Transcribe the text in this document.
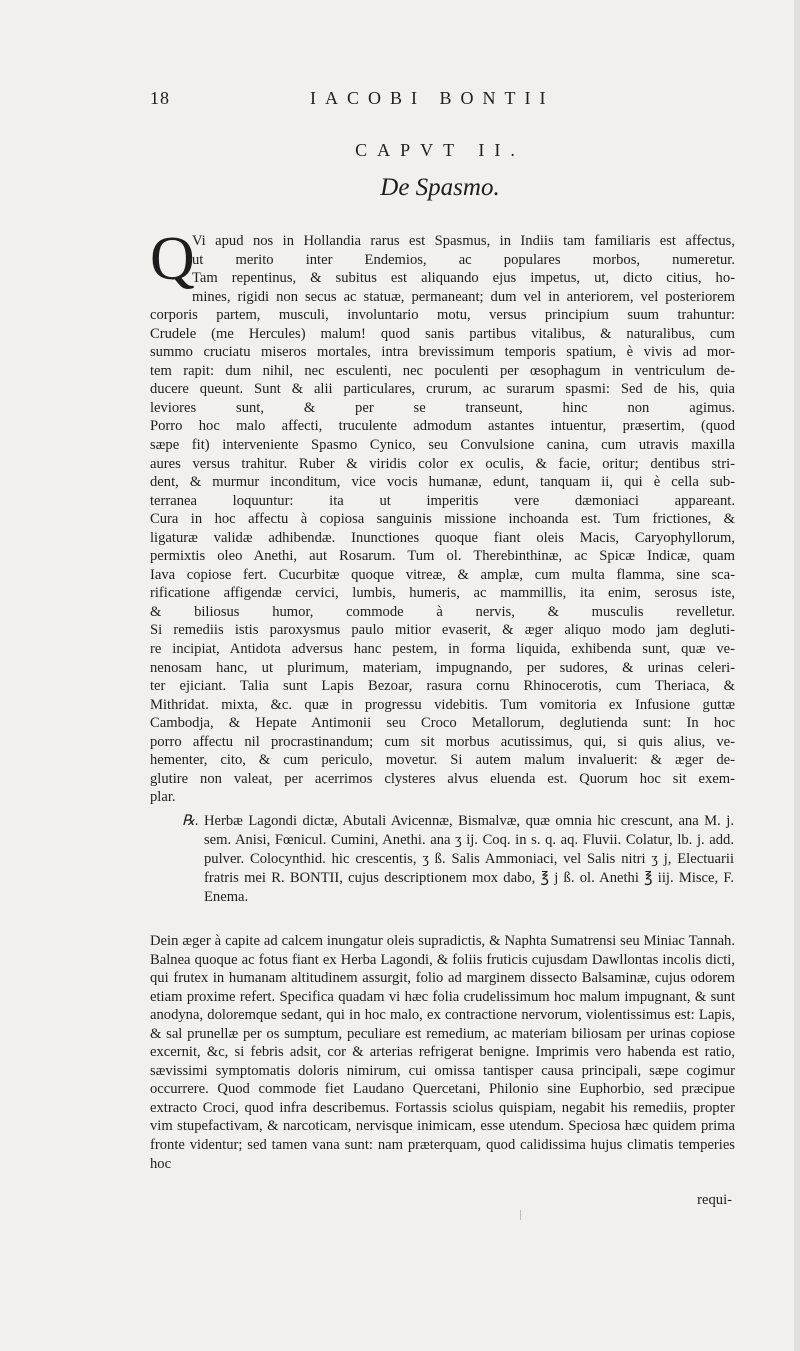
18	IACOBI BONTII
CAPVT II.
De Spasmo.
Q
Vi apud nos in Hollandia rarus est Spasmus, in Indiis tam familiaris est affectus,
ut merito inter Endemios, ac populares morbos, numeretur.
Tam repentinus, & subitus est aliquando ejus impetus, ut, dicto citius, ho-
mines, rigidi non secus ac statuæ, permaneant; dum vel in anteriorem, vel posteriorem
corporis partem, musculi, involuntario motu, versus principium suum trahuntur:
Crudele (me Hercules) malum! quod sanis partibus vitalibus, & naturalibus, cum
summo cruciatu miseros mortales, intra brevissimum temporis spatium, è vivis ad mor-
tem rapit: dum nihil, nec esculenti, nec poculenti per œsophagum in ventriculum de-
ducere queunt. Sunt & alii particulares, crurum, ac surarum spasmi: Sed de his, quia
leviores sunt, & per se transeunt, hinc non agimus.
Porro hoc malo affecti, truculente admodum astantes intuentur, præsertim, (quod
sæpe fit) interveniente Spasmo Cynico, seu Convulsione canina, cum utravis maxilla
aures versus trahitur. Ruber & viridis color ex oculis, & facie, oritur; dentibus stri-
dent, & murmur inconditum, vice vocis humanæ, edunt, tanquam ii, qui è cella sub-
terranea loquuntur: ita ut imperitis vere dæmoniaci appareant.
Cura in hoc affectu à copiosa sanguinis missione inchoanda est. Tum frictiones, &
ligaturæ validæ adhibendæ. Inunctiones quoque fiant oleis Macis, Caryophyllorum,
permixtis oleo Anethi, aut Rosarum. Tum ol. Therebinthinæ, ac Spicæ Indicæ, quam
Iava copiose fert. Cucurbitæ quoque vitreæ, & amplæ, cum multa flamma, sine sca-
rificatione affigendæ cervici, lumbis, humeris, ac mammillis, ita enim, serosus iste,
& biliosus humor, commode à nervis, & musculis revelletur.
Si remediis istis paroxysmus paulo mitior evaserit, & æger aliquo modo jam degluti-
re incipiat, Antidota adversus hanc pestem, in forma liquida, exhibenda sunt, quæ ve-
nenosam hanc, ut plurimum, materiam, impugnando, per sudores, & urinas celeri-
ter ejiciant. Talia sunt Lapis Bezoar, rasura cornu Rhinocerotis, cum Theriaca, &
Mithridat. mixta, &c. quæ in progressu videbitis. Tum vomitoria ex Infusione guttæ
Cambodja, & Hepate Antimonii seu Croco Metallorum, deglutienda sunt: In hoc
porro affectu nil procrastinandum; cum sit morbus acutissimus, qui, si quis alius, ve-
hementer, cito, & cum periculo, movetur. Si autem malum invaluerit: & æger de-
glutire non valeat, per acerrimos clysteres alvus eluenda est. Quorum hoc sit exem-
plar.
℞. Herbæ Lagondi dictæ, Abutali Avicennæ, Bismalvæ, quæ omnia hic crescunt, ana M. j. sem. Anisi, Fœnicul. Cumini, Anethi. ana ʒ ij. Coq. in s. q. aq. Fluvii. Colatur, lb. j. add. pulver. Colocynthid. hic crescentis, ʒ ß. Salis Ammoniaci, vel Salis nitri ʒ j, Electuarii fratris mei R. BONTII, cujus descriptionem mox dabo, ℥ j ß. ol. Anethi ℥ iij. Misce, F. Enema.
Dein æger à capite ad calcem inungatur oleis supradictis, & Naphta Sumatrensi seu Miniac Tannah. Balnea quoque ac fotus fiant ex Herba Lagondi, & foliis fruticis cujusdam Dawllontas incolis dicti, qui frutex in humanam altitudinem assurgit, folio ad marginem dissecto Balsaminæ, cujus odorem etiam proxime refert. Specifica quadam vi hæc folia crudelissimum hoc malum impugnant, & sunt anodyna, doloremque sedant, qui in hoc malo, ex contractione nervorum, violentissimus est: Lapis, & sal prunellæ per os sumptum, peculiare est remedium, ac materiam biliosam per urinas copiose excernit, &c, si febris adsit, cor & arterias refrigerat benigne. Imprimis vero habenda est ratio, sævissimi symptomatis doloris nimirum, cui omissa tantisper causa principali, sæpe cogimur occurrere. Quod commode fiet Laudano Quercetani, Philonio sine Euphorbio, sed præcipue extracto Croci, quod infra describemus. Fortassis sciolus quispiam, negabit his remediis, propter vim stupefactivam, & narcoticam, nervisque inimicam, esse utendum. Speciosa hæc quidem prima fronte videntur; sed tamen vana sunt: nam præterquam, quod calidissima hujus climatis temperies hoc
requi-
